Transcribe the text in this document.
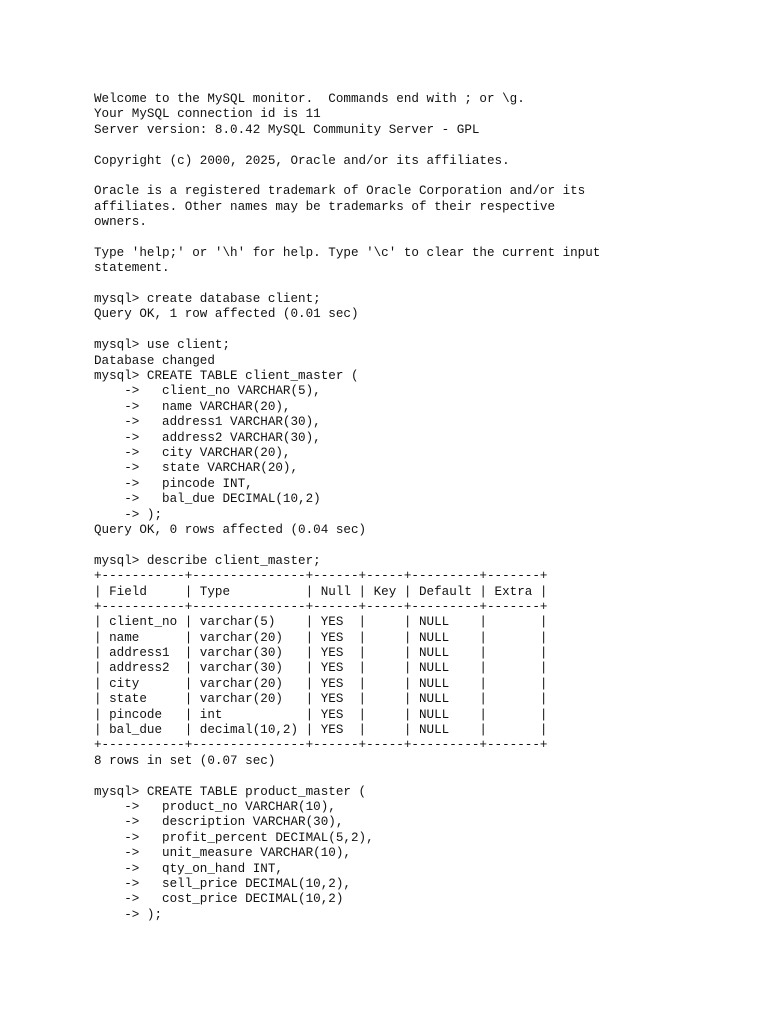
Welcome to the MySQL monitor.  Commands end with ; or \g.
Your MySQL connection id is 11
Server version: 8.0.42 MySQL Community Server - GPL
Copyright (c) 2000, 2025, Oracle and/or its affiliates.
Oracle is a registered trademark of Oracle Corporation and/or its
affiliates. Other names may be trademarks of their respective
owners.
Type 'help;' or '\h' for help. Type '\c' to clear the current input
statement.
mysql> create database client;
Query OK, 1 row affected (0.01 sec)
mysql> use client;
Database changed
mysql> CREATE TABLE client_master (
->   client_no VARCHAR(5),
->   name VARCHAR(20),
->   address1 VARCHAR(30),
->   address2 VARCHAR(30),
->   city VARCHAR(20),
->   state VARCHAR(20),
->   pincode INT,
->   bal_due DECIMAL(10,2)
-> );
Query OK, 0 rows affected (0.04 sec)
mysql> describe client_master;
+-----------+---------------+------+-----+---------+-------+
| Field     | Type          | Null | Key | Default | Extra |
+-----------+---------------+------+-----+---------+-------+
| client_no | varchar(5)    | YES  |     | NULL    |       |
| name      | varchar(20)   | YES  |     | NULL    |       |
| address1  | varchar(30)   | YES  |     | NULL    |       |
| address2  | varchar(30)   | YES  |     | NULL    |       |
| city      | varchar(20)   | YES  |     | NULL    |       |
| state     | varchar(20)   | YES  |     | NULL    |       |
| pincode   | int           | YES  |     | NULL    |       |
| bal_due   | decimal(10,2) | YES  |     | NULL    |       |
+-----------+---------------+------+-----+---------+-------+
8 rows in set (0.07 sec)
mysql> CREATE TABLE product_master (
->   product_no VARCHAR(10),
->   description VARCHAR(30),
->   profit_percent DECIMAL(5,2),
->   unit_measure VARCHAR(10),
->   qty_on_hand INT,
->   sell_price DECIMAL(10,2),
->   cost_price DECIMAL(10,2)
-> );
